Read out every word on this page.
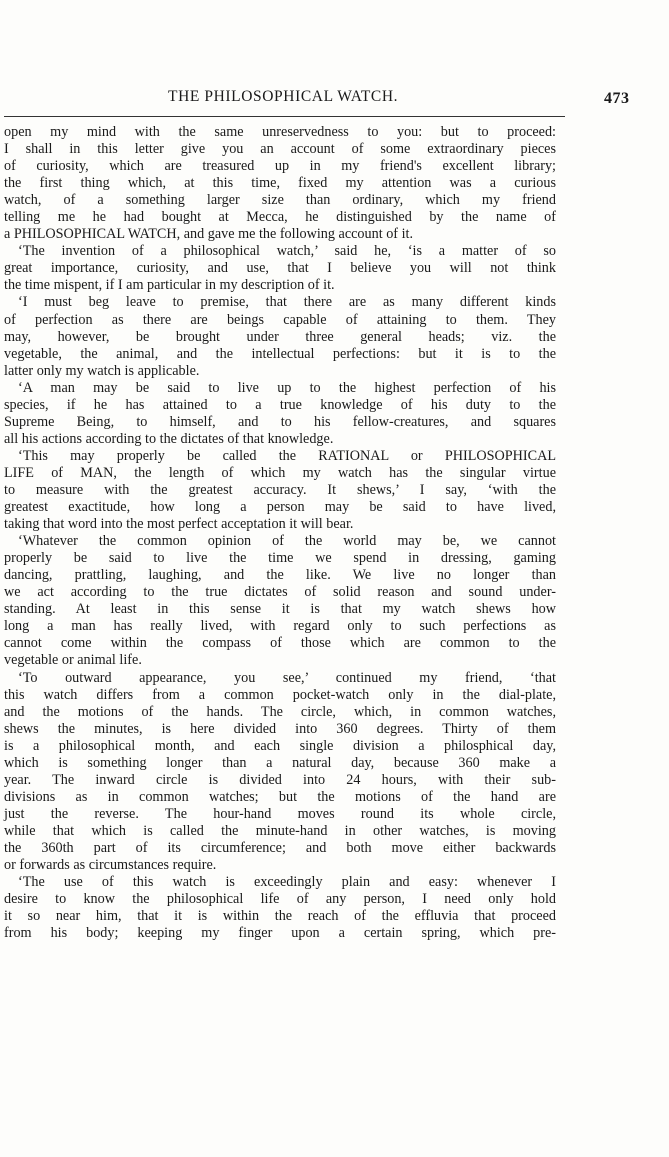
THE PHILOSOPHICAL WATCH.	473
open my mind with the same unreservedness to you: but to proceed:
I shall in this letter give you an account of some extraordinary pieces
of curiosity, which are treasured up in my friend's excellent library;
the first thing which, at this time, fixed my attention was a curious
watch, of a something larger size than ordinary, which my friend
telling me he had bought at Mecca, he distinguished by the name of
a PHILOSOPHICAL WATCH, and gave me the following account of it.
‘The invention of a philosophical watch,’ said he, ‘is a matter of so
great importance, curiosity, and use, that I believe you will not think
the time mispent, if I am particular in my description of it.
‘I must beg leave to premise, that there are as many different kinds
of perfection as there are beings capable of attaining to them. They
may, however, be brought under three general heads; viz. the
vegetable, the animal, and the intellectual perfections: but it is to the
latter only my watch is applicable.
‘A man may be said to live up to the highest perfection of his
species, if he has attained to a true knowledge of his duty to the
Supreme Being, to himself, and to his fellow-creatures, and squares
all his actions according to the dictates of that knowledge.
‘This may properly be called the RATIONAL or PHILOSOPHICAL
LIFE of MAN, the length of which my watch has the singular virtue
to measure with the greatest accuracy. It shews,’ I say, ‘with the
greatest exactitude, how long a person may be said to have lived,
taking that word into the most perfect acceptation it will bear.
‘Whatever the common opinion of the world may be, we cannot
properly be said to live the time we spend in dressing, gaming
dancing, prattling, laughing, and the like. We live no longer than
we act according to the true dictates of solid reason and sound under-
standing. At least in this sense it is that my watch shews how
long a man has really lived, with regard only to such perfections as
cannot come within the compass of those which are common to the
vegetable or animal life.
‘To outward appearance, you see,’ continued my friend, ‘that
this watch differs from a common pocket-watch only in the dial-plate,
and the motions of the hands. The circle, which, in common watches,
shews the minutes, is here divided into 360 degrees. Thirty of them
is a philosophical month, and each single division a philosphical day,
which is something longer than a natural day, because 360 make a
year. The inward circle is divided into 24 hours, with their sub-
divisions as in common watches; but the motions of the hand are
just the reverse. The hour-hand moves round its whole circle,
while that which is called the minute-hand in other watches, is moving
the 360th part of its circumference; and both move either backwards
or forwards as circumstances require.
‘The use of this watch is exceedingly plain and easy: whenever I
desire to know the philosophical life of any person, I need only hold
it so near him, that it is within the reach of the effluvia that proceed
from his body; keeping my finger upon a certain spring, which pre-
